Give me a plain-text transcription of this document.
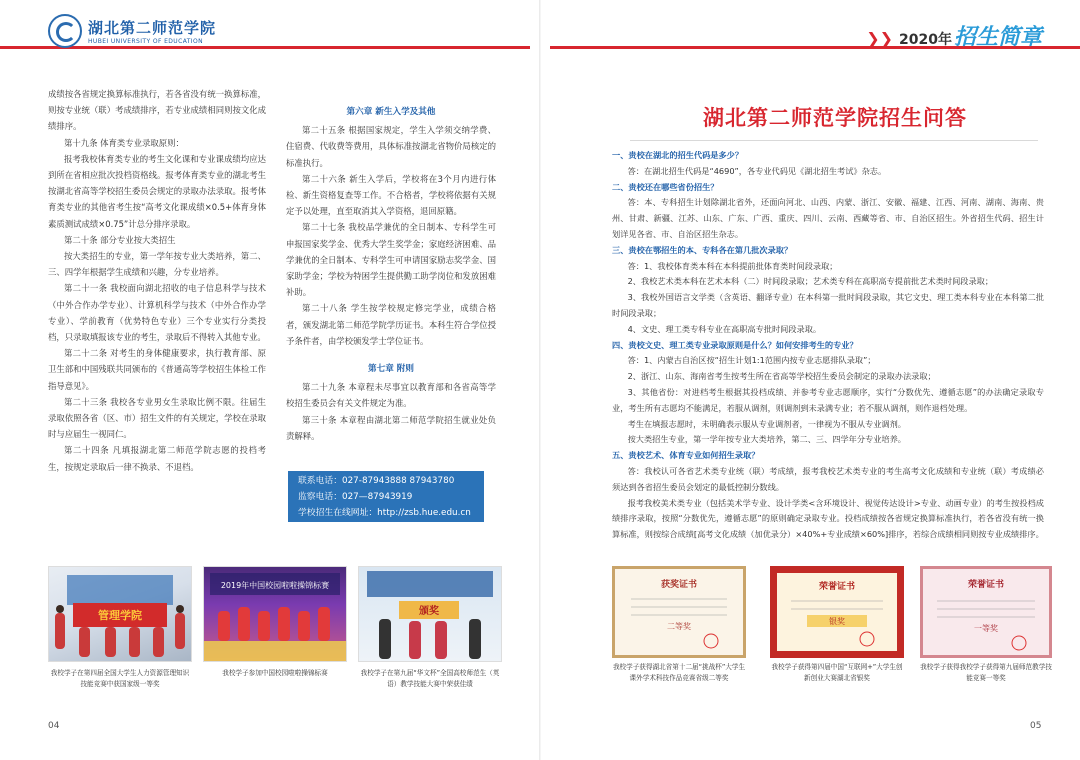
湖北第二师范学院
HUBEI UNIVERSITY OF EDUCATION	❯❯ 2020年 招生简章

成绩按各省规定换算标准执行，若各省没有统一换算标准，则按专业统（联）考成绩排序，若专业成绩相同则按文化成绩排序。

第十九条 体育类专业录取原则：

报考我校体育类专业的考生文化课和专业课成绩均应达到所在省相应批次投档资格线。报考体育类专业的湖北考生按湖北省高等学校招生委员会规定的录取办法录取。报考体育类专业的其他省考生按“高考文化课成绩×0.5+体育身体素质测试成绩×0.75”计总分排序录取。

第二十条 部分专业按大类招生

按大类招生的专业，第一学年按专业大类培养，第二、三、四学年根据学生成绩和兴趣，分专业培养。

第二十一条 我校面向湖北招收的电子信息科学与技术（中外合作办学专业）、计算机科学与技术（中外合作办学专业）、学前教育（优势特色专业）三个专业实行分类投档，只录取填报该专业的考生，录取后不得转入其他专业。

第二十二条 对考生的身体健康要求，执行教育部、原卫生部和中国残联共同颁布的《普通高等学校招生体检工作指导意见》。

第二十三条 我校各专业男女生录取比例不限。往届生录取依照各省（区、市）招生文件的有关规定，学校在录取时与应届生一视同仁。

第二十四条 凡填报湖北第二师范学院志愿的投档考生，按规定录取后一律不换录、不退档。

第六章 新生入学及其他

第二十五条 根据国家规定，学生入学须交纳学费、住宿费、代收费等费用，具体标准按湖北省物价局核定的标准执行。

第二十六条 新生入学后，学校将在3个月内进行体检、新生资格复查等工作。不合格者，学校将依据有关规定予以处理，直至取消其入学资格，退回原籍。

第二十七条 我校品学兼优的全日制本、专科学生可申报国家奖学金、优秀大学生奖学金；家庭经济困难、品学兼优的全日制本、专科学生可申请国家励志奖学金、国家助学金；学校为特困学生提供勤工助学岗位和发放困难补助。

第二十八条 学生按学校规定修完学业，成绩合格者，颁发湖北第二师范学院学历证书。本科生符合学位授予条件者，由学校颁发学士学位证书。

第七章 附则

第二十九条 本章程未尽事宜以教育部和各省高等学校招生委员会有关文件规定为准。

第三十条 本章程由湖北第二师范学院招生就业处负责解释。

联系电话：027-87943888 87943780
监察电话：027—87943919
学校招生在线网址：http://zsb.hue.edu.cn
管理学院
我校学子在第四届全国大学生人力资源管理知识技能竞赛中获国家级一等奖
2019年中国校园啦啦操锦标赛
我校学子参加中国校园啦啦操锦标赛
颁奖
我校学子在第九届“华文杯”全国高校师范生（英语）教学技能大赛中荣获佳绩
04
湖北第二师范学院招生问答

一、贵校在湖北的招生代码是多少？

答：在湖北招生代码是“4690”，各专业代码见《湖北招生考试》杂志。

二、贵校还在哪些省份招生？

答：本、专科招生计划除湖北省外，还面向河北、山西、内蒙、浙江、安徽、福建、江西、河南、湖南、海南、贵州、甘肃、新疆、江苏、山东、广东、广西、重庆、四川、云南、西藏等省、市、自治区招生。外省招生代码、招生计划详见各省、市、自治区招生杂志。

三、贵校在鄂招生的本、专科各在第几批次录取？

答：1、我校体育类本科在本科提前批体育类时间段录取；

2、我校艺术类本科在艺术本科（二）时间段录取；艺术类专科在高职高专提前批艺术类时间段录取；

3、我校外国语言文学类（含英语、翻译专业）在本科第一批时间段录取，其它文史、理工类本科专业在本科第二批时间段录取；

4、文史、理工类专科专业在高职高专批时间段录取。

四、贵校文史、理工类专业录取原则是什么？如何安排考生的专业？

答：1、内蒙古自治区按“招生计划1:1范围内按专业志愿排队录取”；

2、浙江、山东、海南省考生按考生所在省高等学校招生委员会制定的录取办法录取；

3、其他省份：对进档考生根据其投档成绩、并参考专业志愿顺序，实行“分数优先、遵循志愿”的办法确定录取专业，考生所有志愿均不能满足，若服从调剂，则调剂到未录满专业；若不服从调剂，则作退档处理。

考生在填报志愿时，未明确表示服从专业调剂者，一律视为不服从专业调剂。

按大类招生专业，第一学年按专业大类培养，第二、三、四学年分专业培养。

五、贵校艺术、体育专业如何招生录取？

答：我校认可各省艺术类专业统（联）考成绩，报考我校艺术类专业的考生高考文化成绩和专业统（联）考成绩必须达到各省招生委员会划定的最低控制分数线。

报考我校美术类专业（包括美术学专业、设计学类<含环境设计、视觉传达设计>专业、动画专业）的考生按投档成绩排序录取，按照“分数优先，遵循志愿”的原则确定录取专业。投档成绩按各省规定换算标准执行，若各省没有统一换算标准，则按综合成绩[高考文化成绩（加优录分）×40%+专业成绩×60%]排序，若综合成绩相同则按专业成绩排序。

获奖证书
二等奖
我校学子获得湖北省第十二届“挑战杯”大学生课外学术科技作品竞赛省级二等奖
荣誉证书
银奖
我校学子获得第四届中国“互联网+”大学生创新创业大赛湖北省银奖
荣誉证书
一等奖
我校学子获得我校学子获得第九届师范教学技能竞赛一等奖
05
